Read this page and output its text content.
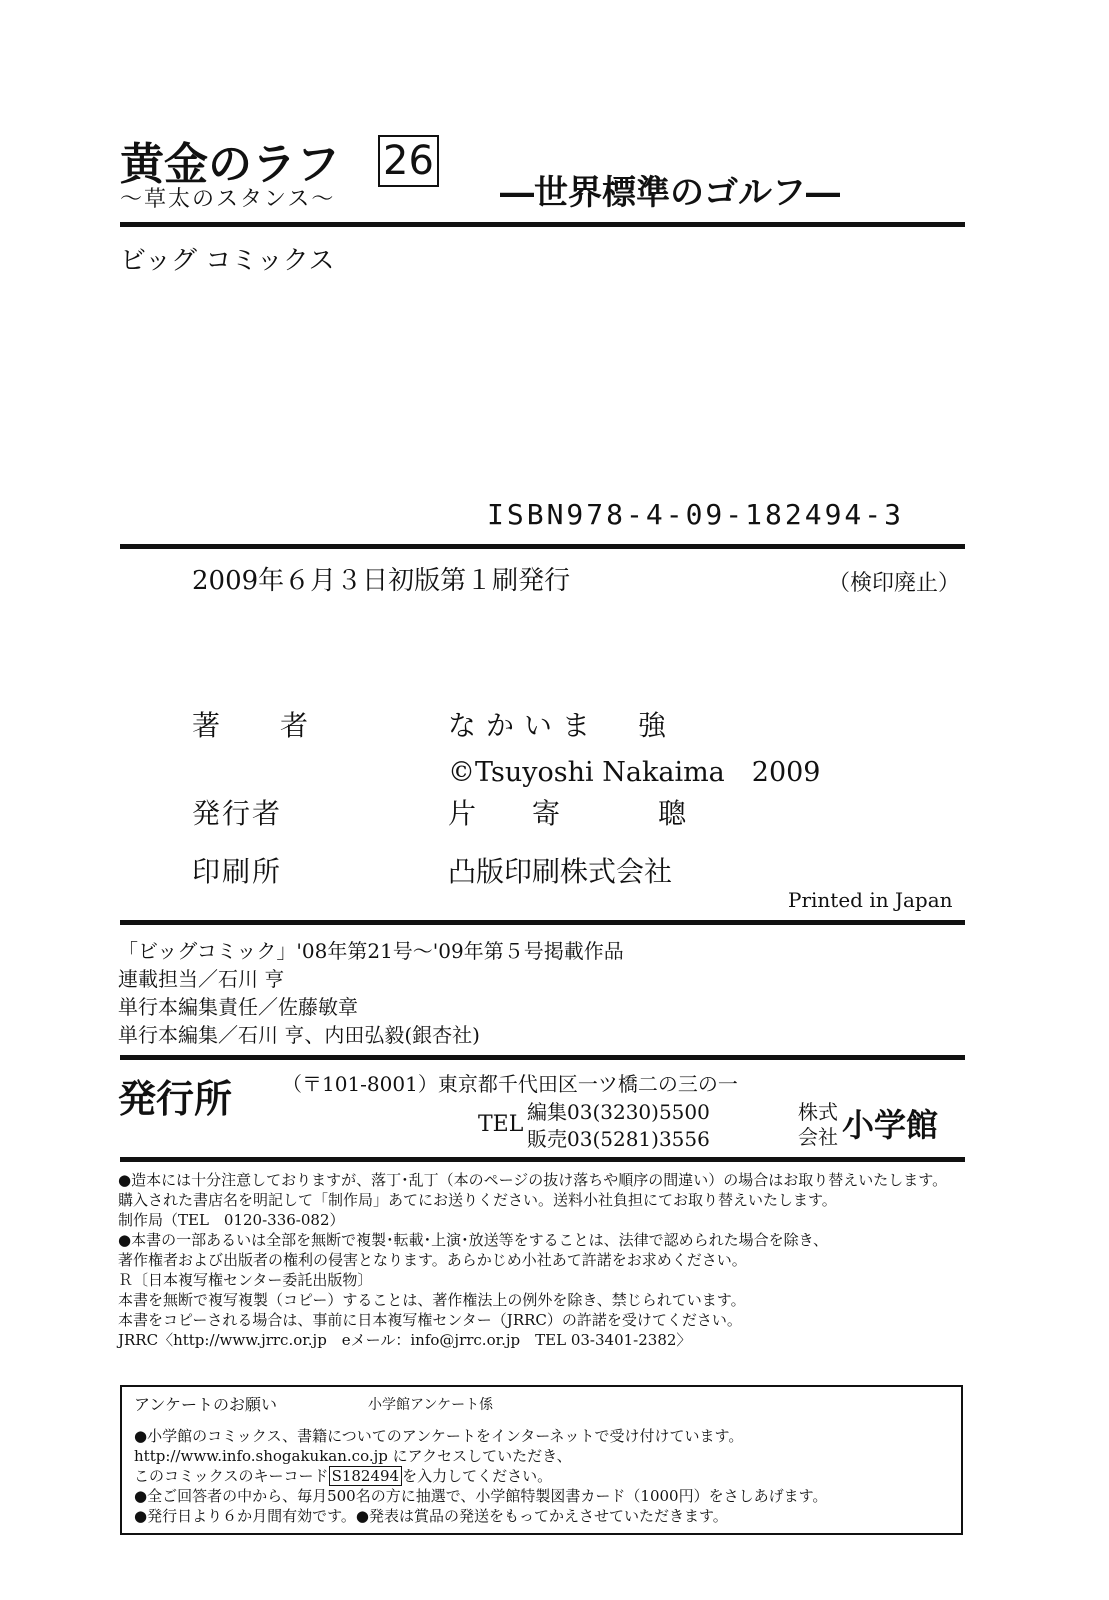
黄金のラフ 26
～草太のスタンス～	―世界標準のゴルフ―
ビッグ コミックス
ISBN978-4-09-182494-3
2009年６月３日初版第１刷発行	（検印廃止）
著　者	なかいま　強
©Tsuyoshi Nakaima　2009
発行者	片　寄　　聰
印刷所	凸版印刷株式会社
Printed in Japan
「ビッグコミック」'08年第21号～'09年第５号掲載作品
連載担当／石川 亨
単行本編集責任／佐藤敏章
単行本編集／石川 亨、内田弘毅(銀杏社)
発行所 （〒101-8001）東京都千代田区一ツ橋二の三の一
TEL 編集03(3230)5500
販売03(5281)3556
株式
会社 小学館
●造本には十分注意しておりますが、落丁･乱丁（本のページの抜け落ちや順序の間違い）の場合はお取り替えいたします。
購入された書店名を明記して「制作局」あてにお送りください。送料小社負担にてお取り替えいたします。
制作局（TEL　0120-336-082）
●本書の一部あるいは全部を無断で複製･転載･上演･放送等をすることは、法律で認められた場合を除き、
著作権者および出版者の権利の侵害となります。あらかじめ小社あて許諾をお求めください。
Ｒ〔日本複写権センター委託出版物〕
本書を無断で複写複製（コピー）することは、著作権法上の例外を除き、禁じられています。
本書をコピーされる場合は、事前に日本複写権センター（JRRC）の許諾を受けてください。
JRRC〈http://www.jrrc.or.jp　eメール：info@jrrc.or.jp　TEL 03-3401-2382〉
アンケートのお願い	小学館アンケート係
●小学館のコミックス、書籍についてのアンケートをインターネットで受け付けています。
http://www.info.shogakukan.co.jp にアクセスしていただき、
このコミックスのキーコード S182494 を入力してください。
●全ご回答者の中から、毎月500名の方に抽選で、小学館特製図書カード（1000円）をさしあげます。
●発行日より６か月間有効です。●発表は賞品の発送をもってかえさせていただきます。
